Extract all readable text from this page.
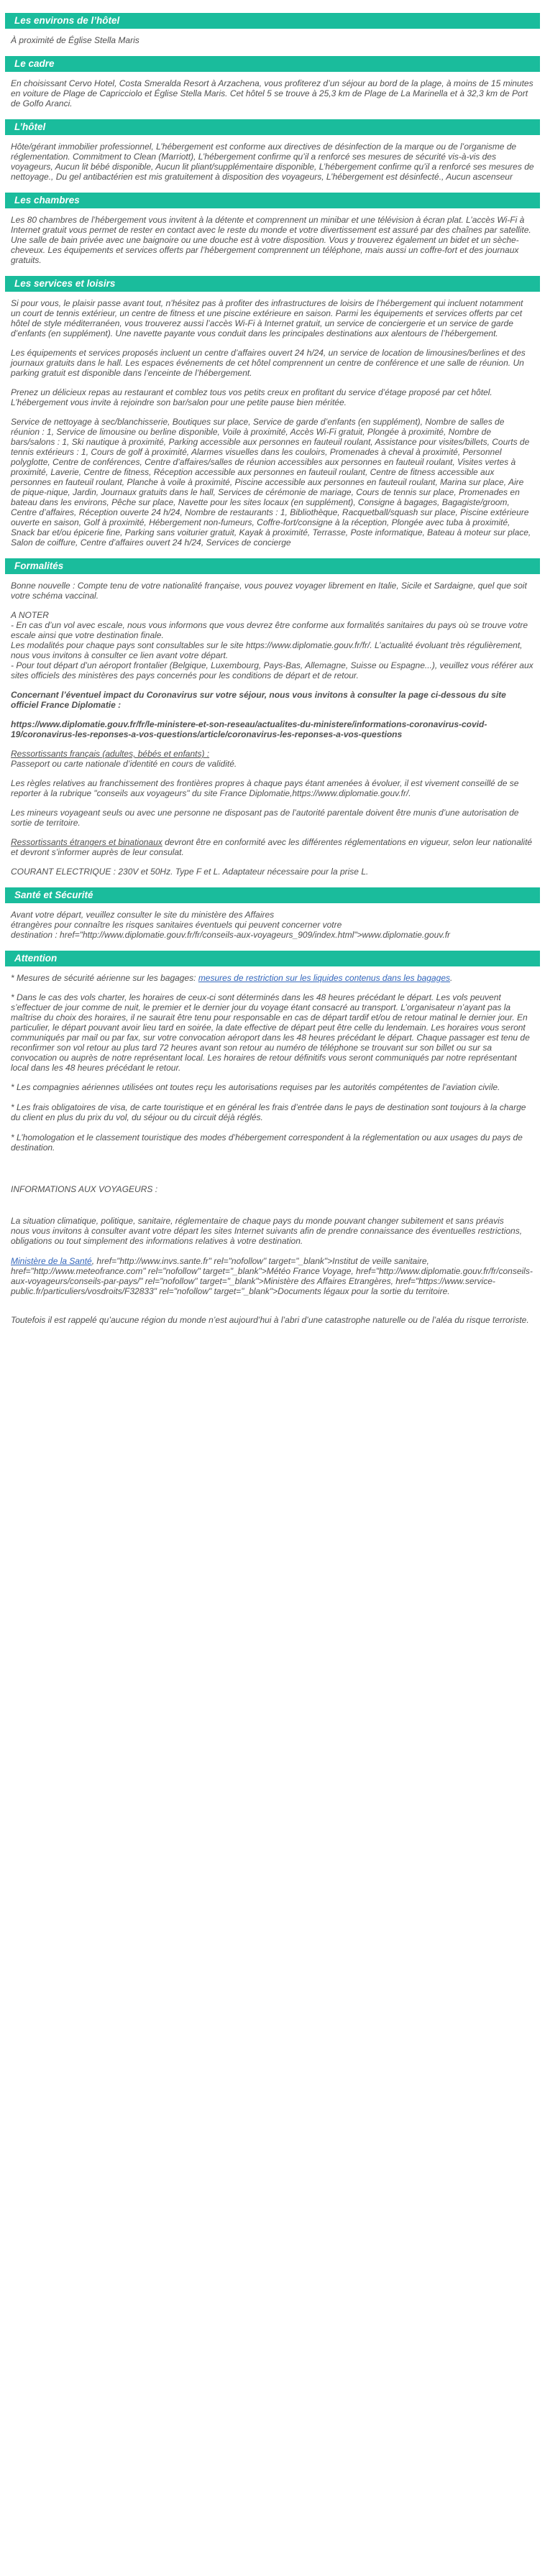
Les environs de l’hôtel

À proximité de Église Stella Maris

Le cadre

En choisissant Cervo Hotel, Costa Smeralda Resort à Arzachena, vous profiterez d’un séjour au bord de la plage, à moins de 15 minutes en voiture de Plage de Capricciolo et Église Stella Maris. Cet hôtel 5 se trouve à 25,3 km de Plage de La Marinella et à 32,3 km de Port de Golfo Aranci.

L’hôtel

Hôte/gérant immobilier professionnel, L’hébergement est conforme aux directives de désinfection de la marque ou de l’organisme de réglementation. Commitment to Clean (Marriott), L’hébergement confirme qu’il a renforcé ses mesures de sécurité vis-à-vis des voyageurs, Aucun lit bébé disponible, Aucun lit pliant/supplémentaire disponible, L’hébergement confirme qu’il a renforcé ses mesures de nettoyage., Du gel antibactérien est mis gratuitement à disposition des voyageurs, L’hébergement est désinfecté., Aucun ascenseur

Les chambres

Les 80 chambres de l’hébergement vous invitent à la détente et comprennent un minibar et une télévision à écran plat. L’accès Wi-Fi à Internet gratuit vous permet de rester en contact avec le reste du monde et votre divertissement est assuré par des chaînes par satellite. Une salle de bain privée avec une baignoire ou une douche est à votre disposition. Vous y trouverez également un bidet et un sèche-cheveux. Les équipements et services offerts par l’hébergement comprennent un téléphone, mais aussi un coffre-fort et des journaux gratuits.

Les services et loisirs

Si pour vous, le plaisir passe avant tout, n’hésitez pas à profiter des infrastructures de loisirs de l’hébergement qui incluent notamment un court de tennis extérieur, un centre de fitness et une piscine extérieure en saison. Parmi les équipements et services offerts par cet hôtel de style méditerranéen, vous trouverez aussi l’accès Wi-Fi à Internet gratuit, un service de conciergerie et un service de garde d’enfants (en supplément). Une navette payante vous conduit dans les principales destinations aux alentours de l’hébergement.

Les équipements et services proposés incluent un centre d’affaires ouvert 24 h/24, un service de location de limousines/berlines et des journaux gratuits dans le hall. Les espaces événements de cet hôtel comprennent un centre de conférence et une salle de réunion. Un parking gratuit est disponible dans l’enceinte de l’hébergement.

Prenez un délicieux repas au restaurant et comblez tous vos petits creux en profitant du service d’étage proposé par cet hôtel. L’hébergement vous invite à rejoindre son bar/salon pour une petite pause bien méritée.

Service de nettoyage à sec/blanchisserie, Boutiques sur place, Service de garde d’enfants (en supplément), Nombre de salles de réunion : 1, Service de limousine ou berline disponible, Voile à proximité, Accès Wi-Fi gratuit, Plongée à proximité, Nombre de bars/salons : 1, Ski nautique à proximité, Parking accessible aux personnes en fauteuil roulant, Assistance pour visites/billets, Courts de tennis extérieurs : 1, Cours de golf à proximité, Alarmes visuelles dans les couloirs, Promenades à cheval à proximité, Personnel polyglotte, Centre de conférences, Centre d’affaires/salles de réunion accessibles aux personnes en fauteuil roulant, Visites vertes à proximité, Laverie, Centre de fitness, Réception accessible aux personnes en fauteuil roulant, Centre de fitness accessible aux personnes en fauteuil roulant, Planche à voile à proximité, Piscine accessible aux personnes en fauteuil roulant, Marina sur place, Aire de pique-nique, Jardin, Journaux gratuits dans le hall, Services de cérémonie de mariage, Cours de tennis sur place, Promenades en bateau dans les environs, Pêche sur place, Navette pour les sites locaux (en supplément), Consigne à bagages, Bagagiste/groom, Centre d’affaires, Réception ouverte 24 h/24, Nombre de restaurants : 1, Bibliothèque, Racquetball/squash sur place, Piscine extérieure ouverte en saison, Golf à proximité, Hébergement non-fumeurs, Coffre-fort/consigne à la réception, Plongée avec tuba à proximité, Snack bar et/ou épicerie fine, Parking sans voiturier gratuit, Kayak à proximité, Terrasse, Poste informatique, Bateau à moteur sur place, Salon de coiffure, Centre d’affaires ouvert 24 h/24, Services de concierge

Formalités

Bonne nouvelle : Compte tenu de votre nationalité française, vous pouvez voyager librement en Italie, Sicile et Sardaigne, quel que soit votre schéma vaccinal.

A NOTER
- En cas d’un vol avec escale, nous vous informons que vous devrez être conforme aux formalités sanitaires du pays où se trouve votre escale ainsi que votre destination finale.
Les modalités pour chaque pays sont consultables sur le site https://www.diplomatie.gouv.fr/fr/. L’actualité évoluant très régulièrement, nous vous invitons à consulter ce lien avant votre départ.
- Pour tout départ d’un aéroport frontalier (Belgique, Luxembourg, Pays-Bas, Allemagne, Suisse ou Espagne...), veuillez vous référer aux sites officiels des ministères des pays concernés pour les conditions de départ et de retour.

Concernant l’éventuel impact du Coronavirus sur votre séjour, nous vous invitons à consulter la page ci-dessous du site officiel France Diplomatie :

https://www.diplomatie.gouv.fr/fr/le-ministere-et-son-reseau/actualites-du-ministere/informations-coronavirus-covid-19/coronavirus-les-reponses-a-vos-questions/article/coronavirus-les-reponses-a-vos-questions

Ressortissants français (adultes, bébés et enfants) :
Passeport ou carte nationale d’identité en cours de validité.

Les règles relatives au franchissement des frontières propres à chaque pays étant amenées à évoluer, il est vivement conseillé de se reporter à la rubrique "conseils aux voyageurs" du site France Diplomatie,https://www.diplomatie.gouv.fr/.

Les mineurs voyageant seuls ou avec une personne ne disposant pas de l’autorité parentale doivent être munis d’une autorisation de sortie de territoire.

Ressortissants étrangers et binationaux devront être en conformité avec les différentes réglementations en vigueur, selon leur nationalité et devront s’informer auprès de leur consulat.

COURANT ELECTRIQUE : 230V et 50Hz. Type F et L. Adaptateur nécessaire pour la prise L.

Santé et Sécurité

Avant votre départ, veuillez consulter le site du ministère des Affaires
étrangères pour connaître les risques sanitaires éventuels qui peuvent concerner votre
destination : href="http://www.diplomatie.gouv.fr/fr/conseils-aux-voyageurs_909/index.html">www.diplomatie.gouv.fr

Attention

* Mesures de sécurité aérienne sur les bagages: mesures de restriction sur les liquides contenus dans les bagages.

* Dans le cas des vols charter, les horaires de ceux-ci sont déterminés dans les 48 heures précédant le départ. Les vols peuvent s’effectuer de jour comme de nuit, le premier et le dernier jour du voyage étant consacré au transport. L’organisateur n’ayant pas la maîtrise du choix des horaires, il ne saurait être tenu pour responsable en cas de départ tardif et/ou de retour matinal le dernier jour. En particulier, le départ pouvant avoir lieu tard en soirée, la date effective de départ peut être celle du lendemain. Les horaires vous seront communiqués par mail ou par fax, sur votre convocation aéroport dans les 48 heures précédant le départ. Chaque passager est tenu de reconfirmer son vol retour au plus tard 72 heures avant son retour au numéro de téléphone se trouvant sur son billet ou sur sa convocation ou auprès de notre représentant local. Les horaires de retour définitifs vous seront communiqués par notre représentant local dans les 48 heures précédant le retour.

* Les compagnies aériennes utilisées ont toutes reçu les autorisations requises par les autorités compétentes de l’aviation civile.

* Les frais obligatoires de visa, de carte touristique et en général les frais d’entrée dans le pays de destination sont toujours à la charge du client en plus du prix du vol, du séjour ou du circuit déjà réglés.

* L’homologation et le classement touristique des modes d’hébergement correspondent à la réglementation ou aux usages du pays de destination.

INFORMATIONS AUX VOYAGEURS :

La situation climatique, politique, sanitaire, réglementaire de chaque pays du monde pouvant changer subitement et sans préavis
nous vous invitons à consulter avant votre départ les sites Internet suivants afin de prendre connaissance des éventuelles restrictions, obligations ou tout simplement des informations relatives à votre destination.

Ministère de la Santé, href="http://www.invs.sante.fr" rel="nofollow" target="_blank">Institut de veille sanitaire, href="http://www.meteofrance.com" rel="nofollow" target="_blank">Météo France Voyage, href="http://www.diplomatie.gouv.fr/fr/conseils-aux-voyageurs/conseils-par-pays/" rel="nofollow" target="_blank">Ministère des Affaires Etrangères, href="https://www.service-public.fr/particuliers/vosdroits/F32833" rel="nofollow" target="_blank">Documents légaux pour la sortie du territoire.

Toutefois il est rappelé qu’aucune région du monde n’est aujourd’hui à l’abri d’une catastrophe naturelle ou de l’aléa du risque terroriste.
